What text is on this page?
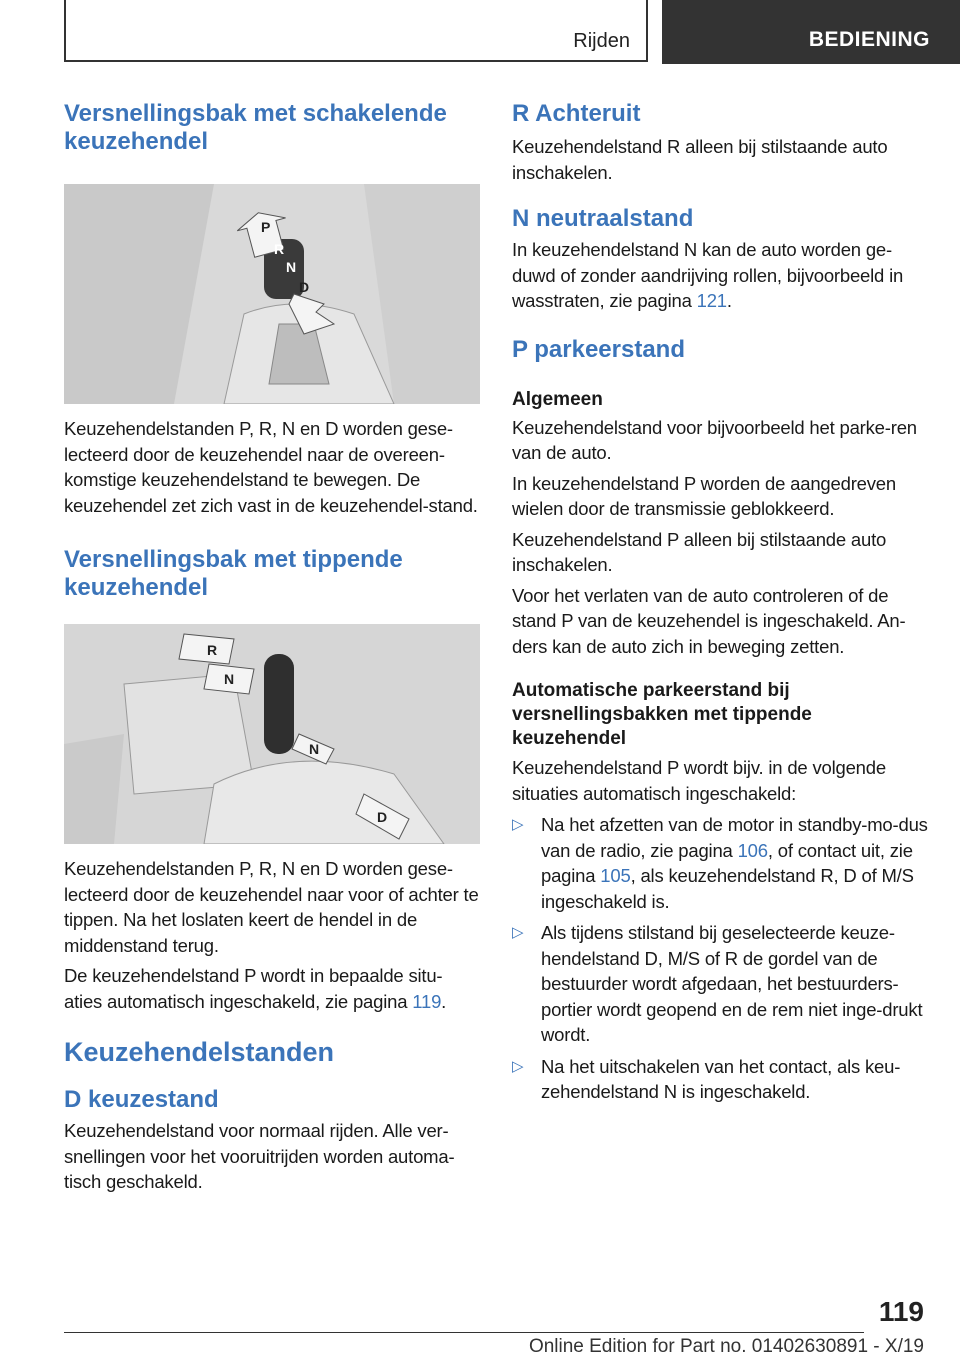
Rijden	BEDIENING
Versnellingsbak met schakelende keuzehendel
P
R
N
D

Keuzehendelstanden P, R, N en D worden gese-lecteerd door de keuzehendel naar de overeen-komstige keuzehendelstand te bewegen. De keuzehendel zet zich vast in de keuzehendel-stand.

Versnellingsbak met tippende keuzehendel
R
N
N
D

Keuzehendelstanden P, R, N en D worden gese-lecteerd door de keuzehendel naar voor of achter te tippen. Na het loslaten keert de hendel in de middenstand terug.

De keuzehendelstand P wordt in bepaalde situ-aties automatisch ingeschakeld, zie pagina 119.

Keuzehendelstanden
D keuzestand

Keuzehendelstand voor normaal rijden. Alle ver-snellingen voor het vooruitrijden worden automa-tisch geschakeld.

R Achteruit

Keuzehendelstand R alleen bij stilstaande auto inschakelen.

N neutraalstand

In keuzehendelstand N kan de auto worden ge-duwd of zonder aandrijving rollen, bijvoorbeeld in wasstraten, zie pagina 121.

P parkeerstand
Algemeen

Keuzehendelstand voor bijvoorbeeld het parke-ren van de auto.

In keuzehendelstand P worden de aangedreven wielen door de transmissie geblokkeerd.

Keuzehendelstand P alleen bij stilstaande auto inschakelen.

Voor het verlaten van de auto controleren of de stand P van de keuzehendel is ingeschakeld. An-ders kan de auto zich in beweging zetten.

Automatische parkeerstand bij versnellingsbakken met tippende keuzehendel

Keuzehendelstand P wordt bijv. in de volgende situaties automatisch ingeschakeld:

▷ Na het afzetten van de motor in standby-mo-dus van de radio, zie pagina 106, of contact uit, zie pagina 105, als keuzehendelstand R, D of M/S ingeschakeld is.
▷ Als tijdens stilstand bij geselecteerde keuze-hendelstand D, M/S of R de gordel van de bestuurder wordt afgedaan, het bestuurders-portier wordt geopend en de rem niet inge-drukt wordt.
▷ Na het uitschakelen van het contact, als keu-zehendelstand N is ingeschakeld.
119
Online Edition for Part no. 01402630891 - X/19
